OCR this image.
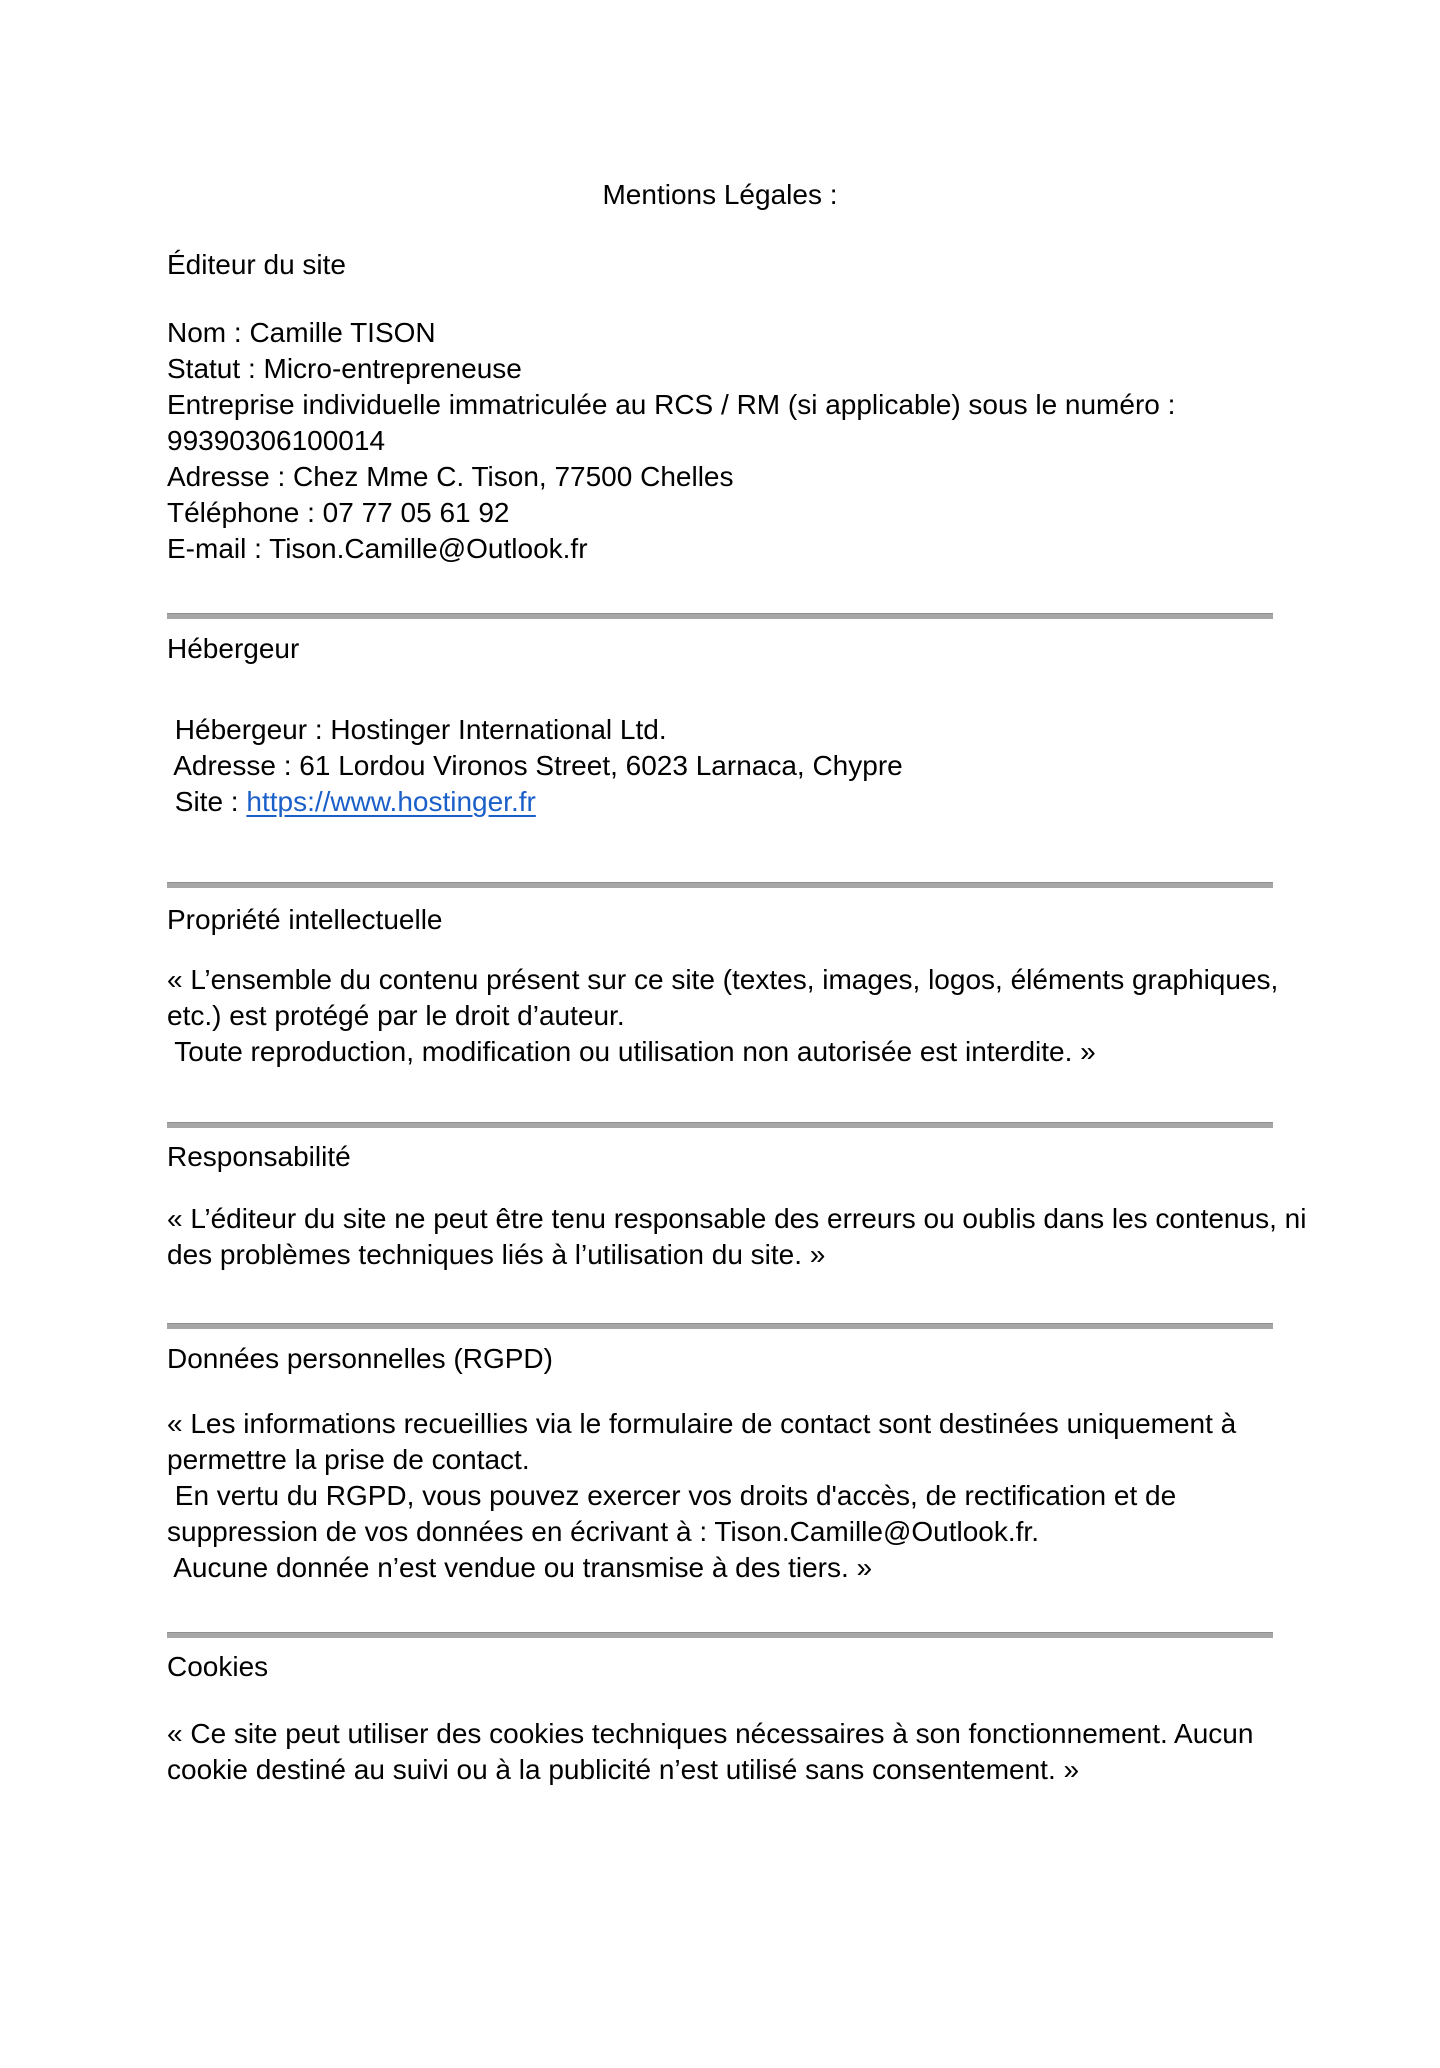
Mentions Légales :
Éditeur du site
Nom : Camille TISON
Statut : Micro-entrepreneuse
Entreprise individuelle immatriculée au RCS / RM (si applicable) sous le numéro :
99390306100014
Adresse : Chez Mme C. Tison, 77500 Chelles
Téléphone : 07 77 05 61 92
E-mail : Tison.Camille@Outlook.fr
Hébergeur
Hébergeur : Hostinger International Ltd.
Adresse : 61 Lordou Vironos Street, 6023 Larnaca, Chypre
Site : https://www.hostinger.fr
Propriété intellectuelle
« L’ensemble du contenu présent sur ce site (textes, images, logos, éléments graphiques,
etc.) est protégé par le droit d’auteur.
Toute reproduction, modification ou utilisation non autorisée est interdite. »
Responsabilité
« L’éditeur du site ne peut être tenu responsable des erreurs ou oublis dans les contenus, ni
des problèmes techniques liés à l’utilisation du site. »
Données personnelles (RGPD)
« Les informations recueillies via le formulaire de contact sont destinées uniquement à
permettre la prise de contact.
En vertu du RGPD, vous pouvez exercer vos droits d'accès, de rectification et de
suppression de vos données en écrivant à : Tison.Camille@Outlook.fr.
Aucune donnée n’est vendue ou transmise à des tiers. »
Cookies
« Ce site peut utiliser des cookies techniques nécessaires à son fonctionnement. Aucun
cookie destiné au suivi ou à la publicité n’est utilisé sans consentement. »
